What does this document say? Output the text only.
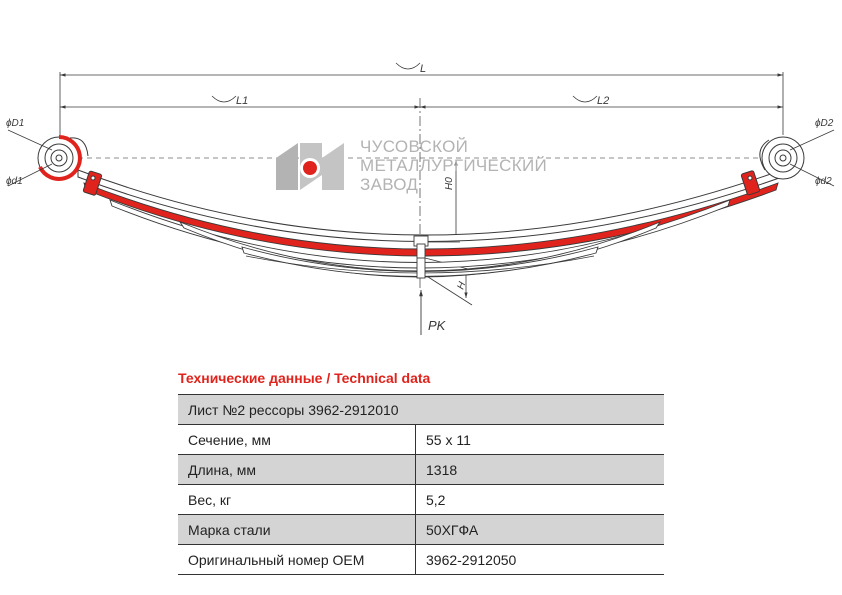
L
L1	L2
H0
H
PK
ϕD1
ϕd1
ϕD2
ϕd2
ЧУСОВСКОЙ
МЕТАЛЛУРГИЧЕСКИЙ
ЗАВОД
Технические данные / Technical data
Лист №2 рессоры 3962-2912010	
Сечение, мм	55 x 11
Длина, мм	1318
Вес, кг	5,2
Марка стали	50ХГФА
Оригинальный номер OEM	3962-2912050
